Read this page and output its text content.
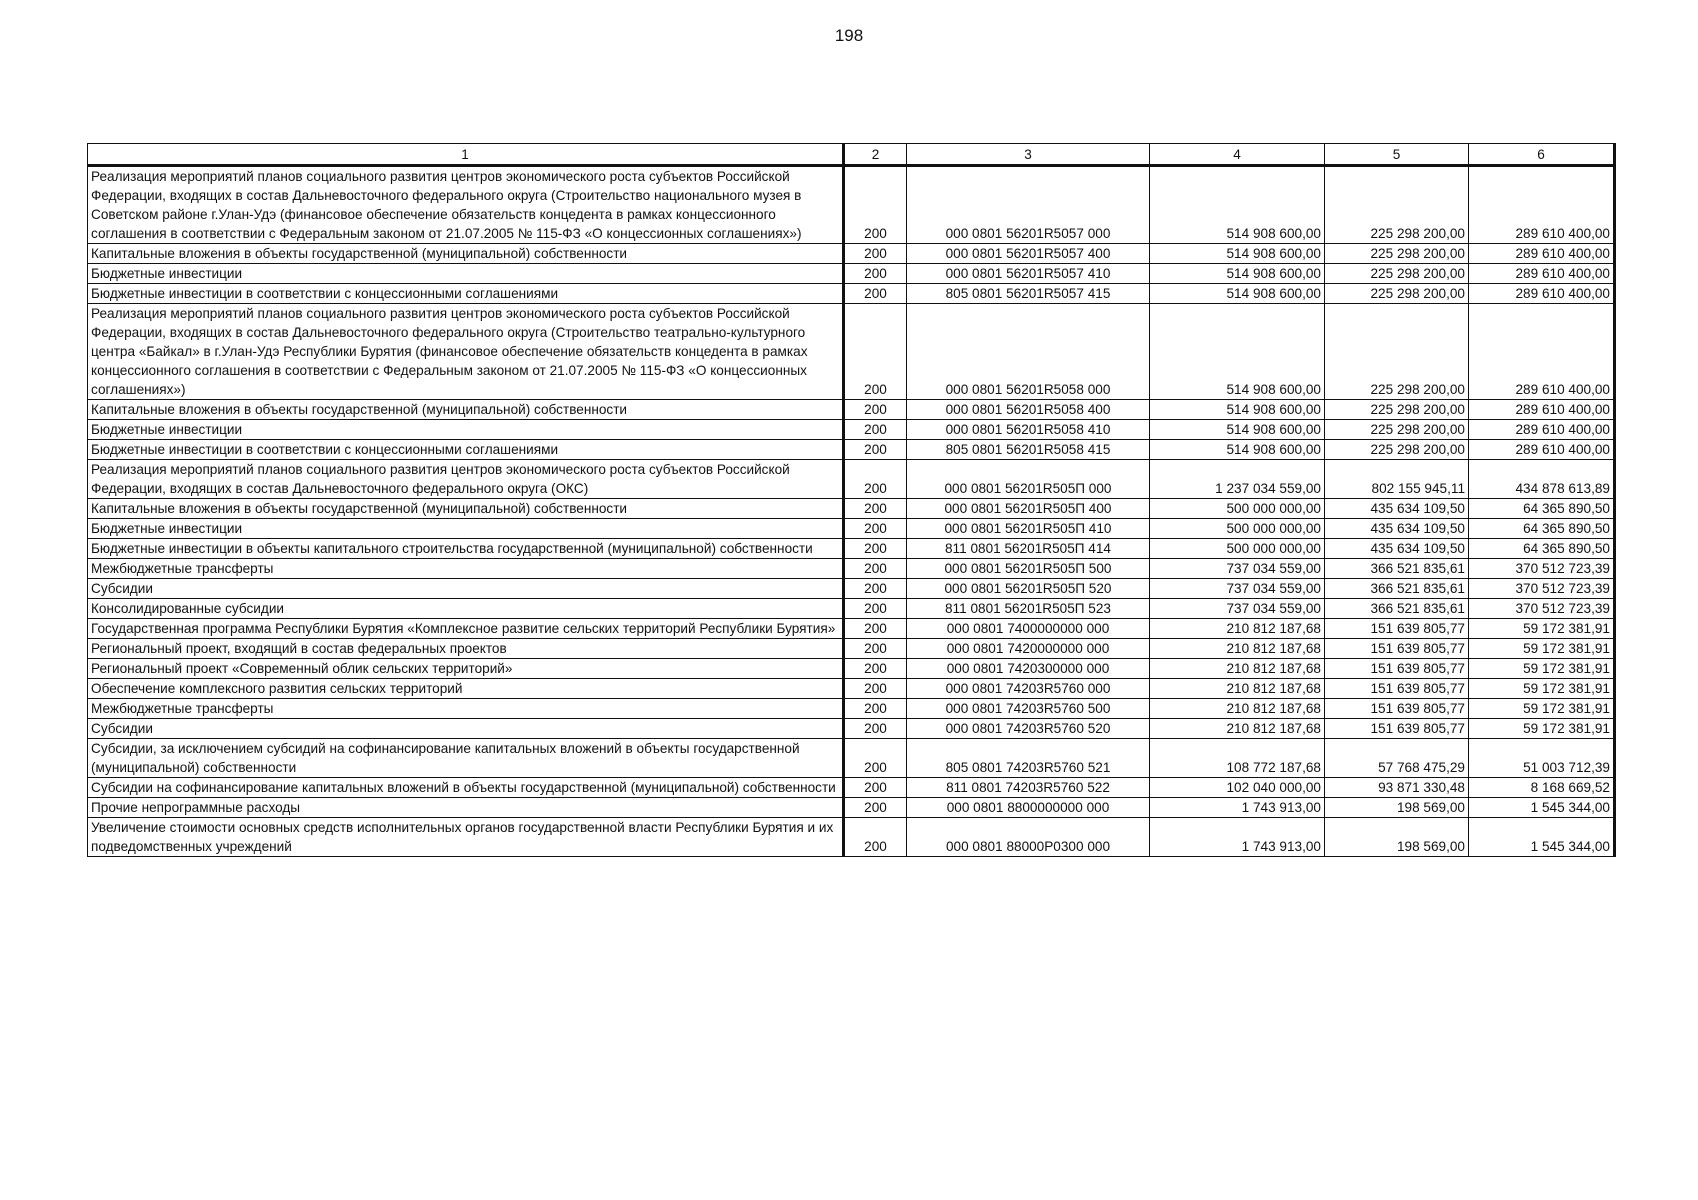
198
1	2	3	4	5	6
Реализация мероприятий планов социального развития центров экономического роста субъектов Российской Федерации, входящих в состав Дальневосточного федерального округа (Строительство национального музея в Советском районе г.Улан-Удэ (финансовое обеспечение обязательств концедента в рамках концессионного соглашения в соответствии с Федеральным законом от 21.07.2005 № 115-ФЗ «О концессионных соглашениях»)	200	000 0801 56201R5057 000	514 908 600,00	225 298 200,00	289 610 400,00
Капитальные вложения в объекты государственной (муниципальной) собственности	200	000 0801 56201R5057 400	514 908 600,00	225 298 200,00	289 610 400,00
Бюджетные инвестиции	200	000 0801 56201R5057 410	514 908 600,00	225 298 200,00	289 610 400,00
Бюджетные инвестиции в соответствии с концессионными соглашениями	200	805 0801 56201R5057 415	514 908 600,00	225 298 200,00	289 610 400,00
Реализация мероприятий планов социального развития центров экономического роста субъектов Российской Федерации, входящих в состав Дальневосточного федерального округа (Строительство театрально-культурного центра «Байкал» в г.Улан-Удэ Республики Бурятия (финансовое обеспечение обязательств концедента в рамках концессионного соглашения в соответствии с Федеральным законом от 21.07.2005 № 115-ФЗ «О концессионных соглашениях»)	200	000 0801 56201R5058 000	514 908 600,00	225 298 200,00	289 610 400,00
Капитальные вложения в объекты государственной (муниципальной) собственности	200	000 0801 56201R5058 400	514 908 600,00	225 298 200,00	289 610 400,00
Бюджетные инвестиции	200	000 0801 56201R5058 410	514 908 600,00	225 298 200,00	289 610 400,00
Бюджетные инвестиции в соответствии с концессионными соглашениями	200	805 0801 56201R5058 415	514 908 600,00	225 298 200,00	289 610 400,00
Реализация мероприятий планов социального развития центров экономического роста субъектов Российской Федерации, входящих в состав Дальневосточного федерального округа (ОКС)	200	000 0801 56201R505П 000	1 237 034 559,00	802 155 945,11	434 878 613,89
Капитальные вложения в объекты государственной (муниципальной) собственности	200	000 0801 56201R505П 400	500 000 000,00	435 634 109,50	64 365 890,50
Бюджетные инвестиции	200	000 0801 56201R505П 410	500 000 000,00	435 634 109,50	64 365 890,50
Бюджетные инвестиции в объекты капитального строительства государственной (муниципальной) собственности	200	811 0801 56201R505П 414	500 000 000,00	435 634 109,50	64 365 890,50
Межбюджетные трансферты	200	000 0801 56201R505П 500	737 034 559,00	366 521 835,61	370 512 723,39
Субсидии	200	000 0801 56201R505П 520	737 034 559,00	366 521 835,61	370 512 723,39
Консолидированные субсидии	200	811 0801 56201R505П 523	737 034 559,00	366 521 835,61	370 512 723,39
Государственная программа Республики Бурятия «Комплексное развитие сельских территорий Республики Бурятия»	200	000 0801 7400000000 000	210 812 187,68	151 639 805,77	59 172 381,91
Региональный проект, входящий в состав федеральных проектов	200	000 0801 7420000000 000	210 812 187,68	151 639 805,77	59 172 381,91
Региональный проект «Современный облик сельских территорий»	200	000 0801 7420300000 000	210 812 187,68	151 639 805,77	59 172 381,91
Обеспечение комплексного развития сельских территорий	200	000 0801 74203R5760 000	210 812 187,68	151 639 805,77	59 172 381,91
Межбюджетные трансферты	200	000 0801 74203R5760 500	210 812 187,68	151 639 805,77	59 172 381,91
Субсидии	200	000 0801 74203R5760 520	210 812 187,68	151 639 805,77	59 172 381,91
Субсидии, за исключением субсидий на софинансирование капитальных вложений в объекты государственной (муниципальной) собственности	200	805 0801 74203R5760 521	108 772 187,68	57 768 475,29	51 003 712,39
Субсидии на софинансирование капитальных вложений в объекты государственной (муниципальной) собственности	200	811 0801 74203R5760 522	102 040 000,00	93 871 330,48	8 168 669,52
Прочие непрограммные расходы	200	000 0801 8800000000 000	1 743 913,00	198 569,00	1 545 344,00
Увеличение стоимости основных средств исполнительных органов государственной власти Республики Бурятия и их подведомственных учреждений	200	000 0801 88000P0300 000	1 743 913,00	198 569,00	1 545 344,00
